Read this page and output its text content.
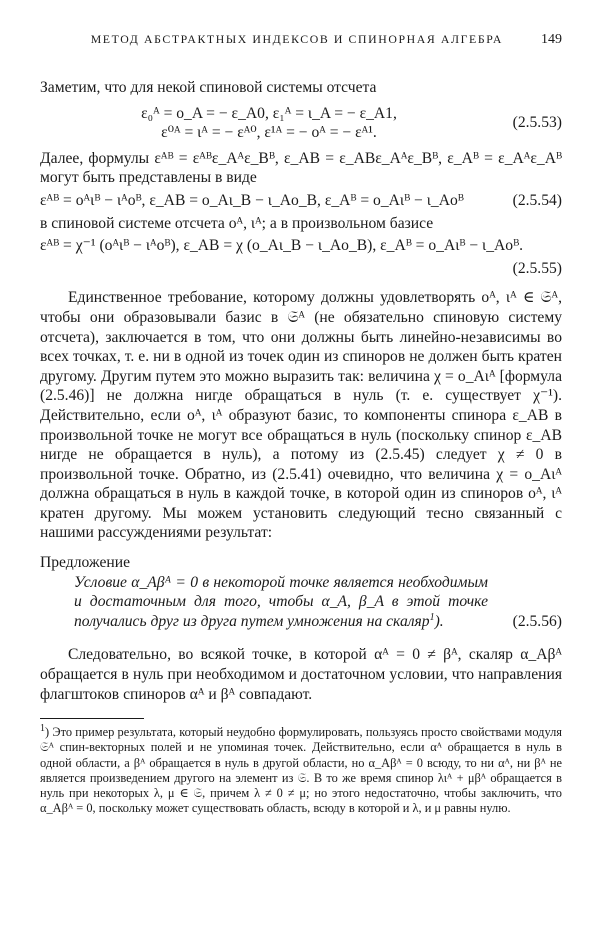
МЕТОД АБСТРАКТНЫХ ИНДЕКСОВ И СПИНОРНАЯ АЛГЕБРА	149

Заметим, что для некой спиновой системы отсчета

ε₀ᴬ = o_A = − ε_A0, ε₁ᴬ = ι_A = − ε_A1,
ε⁰ᴬ = ιᴬ = − εᴬ⁰, ε¹ᴬ = − oᴬ = − εᴬ¹.
(2.5.53)

Далее, формулы εᴬᴮ = εᴬᴮε_Aᴬε_Bᴮ, ε_AB = ε_ABε_Aᴬε_Bᴮ, ε_Aᴮ = ε_Aᴬε_Aᴮ могут быть представлены в виде

εᴬᴮ = oᴬιᴮ − ιᴬoᴮ, ε_AB = o_Aι_B − ι_Ao_B, ε_Aᴮ = o_Aιᴮ − ι_Aoᴮ	(2.5.54)

в спиновой системе отсчета oᴬ, ιᴬ; а в произвольном базисе

εᴬᴮ = χ⁻¹ (oᴬιᴮ − ιᴬoᴮ), ε_AB = χ (o_Aι_B − ι_Ao_B), ε_Aᴮ = o_Aιᴮ − ι_Aoᴮ.
(2.5.55)

Единственное требование, которому должны удовлетворять oᴬ, ιᴬ ∈ 𝔖ᴬ, чтобы они образовывали базис в 𝔖ᴬ (не обязательно спиновую систему отсчета), заключается в том, что они должны быть линейно-независимы во всех точках, т. е. ни в одной из точек один из спиноров не должен быть кратен другому. Другим путем это можно выразить так: величина χ = o_Aιᴬ [формула (2.5.46)] не должна нигде обращаться в нуль (т. е. существует χ⁻¹). Действительно, если oᴬ, ιᴬ образуют базис, то компоненты спинора ε_AB в произвольной точке не могут все обращаться в нуль (поскольку спинор ε_AB нигде не обращается в нуль), а потому из (2.5.45) следует χ ≠ 0 в произвольной точке. Обратно, из (2.5.41) очевидно, что величина χ = o_Aιᴬ должна обращаться в нуль в каждой точке, в которой один из спиноров oᴬ, ιᴬ кратен другому. Мы можем установить следующий тесно связанный с нашими рассуждениями результат:

Предложение

Условие α_Aβᴬ = 0 в некоторой точке является необходимым и достаточным для того, чтобы α_A, β_A в этой точке получались друг из друга путем умножения на скаляр$^1$).	(2.5.56)

Следовательно, во всякой точке, в которой αᴬ = 0 ≠ βᴬ, скаляр α_Aβᴬ обращается в нуль при необходимом и достаточном условии, что направления флагштоков спиноров αᴬ и βᴬ совпадают.

$^1$) Это пример результата, который неудобно формулировать, пользуясь просто свойствами модуля 𝔖ᴬ спин-векторных полей и не упоминая точек. Действительно, если αᴬ обращается в нуль в одной области, а βᴬ обращается в нуль в другой области, но α_Aβᴬ = 0 всюду, то ни αᴬ, ни βᴬ не является произведением другого на элемент из 𝔖. В то же время спинор λιᴬ + μβᴬ обращается в нуль при некоторых λ, μ ∈ 𝔖, причем λ ≠ 0 ≠ μ; но этого недостаточно, чтобы заключить, что α_Aβᴬ = 0, поскольку может существовать область, всюду в которой и λ, и μ равны нулю.
